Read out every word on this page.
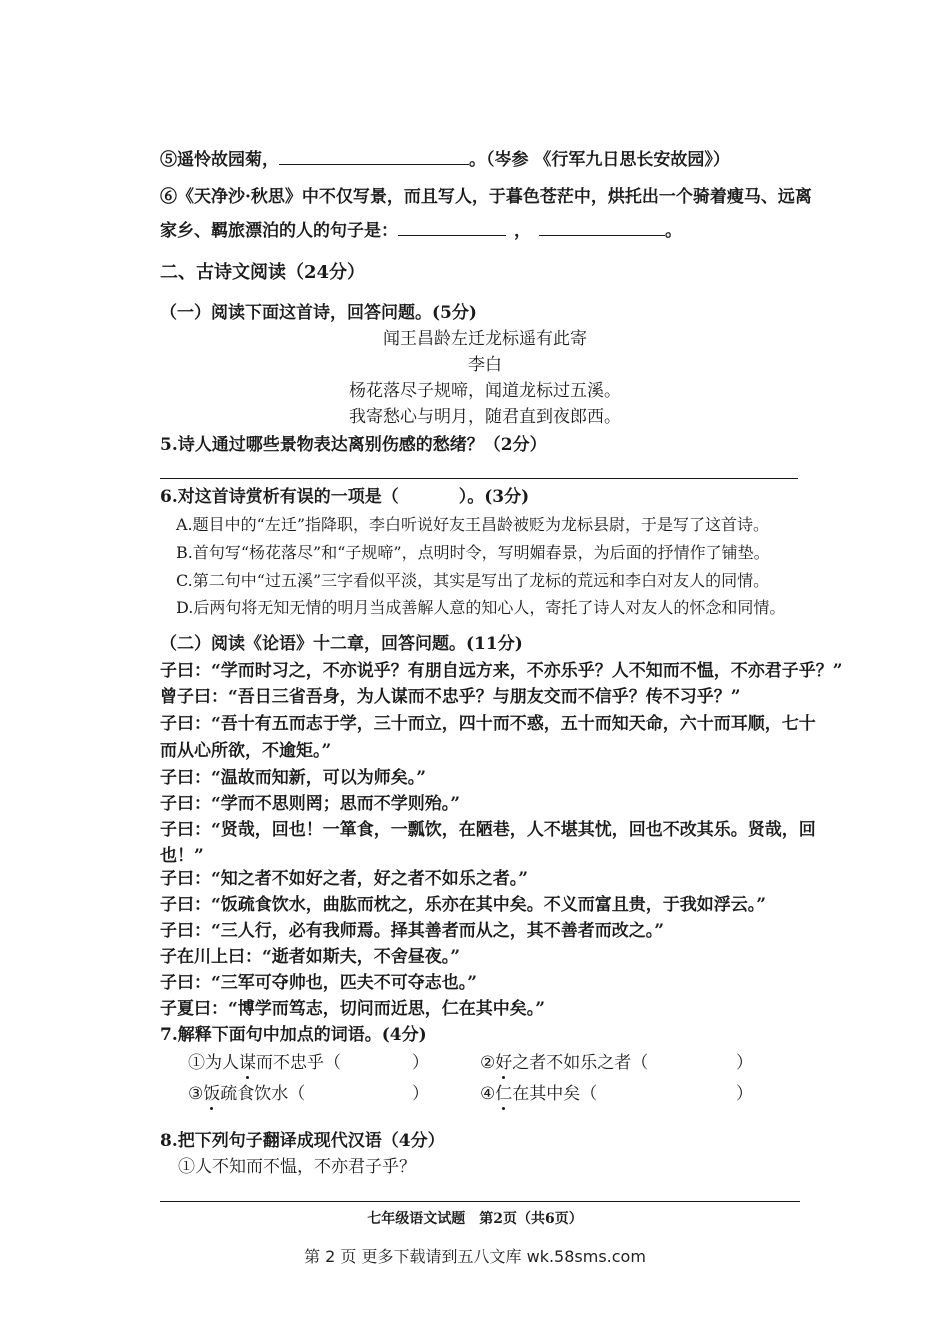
⑤遥怜故园菊，	。（岑参 《行军九日思长安故园》）
⑥《天净沙·秋思》中不仅写景，而且写人，于暮色苍茫中，烘托出一个骑着瘦马、远离
家乡、羁旅漂泊的人的句子是：	，	。
二、古诗文阅读（24分）
（一）阅读下面这首诗，回答问题。(5分)
闻王昌龄左迁龙标遥有此寄
李白
杨花落尽子规啼，闻道龙标过五溪。
我寄愁心与明月，随君直到夜郎西。
5.诗人通过哪些景物表达离别伤感的愁绪？（2分）
6.对这首诗赏析有误的一项是（	）。(3分)
A.题目中的“左迁”指降职，李白听说好友王昌龄被贬为龙标县尉，于是写了这首诗。
B.首句写“杨花落尽”和“子规啼”，点明时令，写明媚春景，为后面的抒情作了铺垫。
C.第二句中“过五溪”三字看似平淡，其实是写出了龙标的荒远和李白对友人的同情。
D.后两句将无知无情的明月当成善解人意的知心人，寄托了诗人对友人的怀念和同情。
（二）阅读《论语》十二章，回答问题。(11分)
子曰：“学而时习之，不亦说乎？有朋自远方来，不亦乐乎？人不知而不愠，不亦君子乎？”
曾子曰：“吾日三省吾身，为人谋而不忠乎？与朋友交而不信乎？传不习乎？”
子曰：“吾十有五而志于学，三十而立，四十而不惑，五十而知天命，六十而耳顺，七十
而从心所欲，不逾矩。”
子曰：“温故而知新，可以为师矣。”
子曰：“学而不思则罔；思而不学则殆。”
子曰：“贤哉，回也！一箪食，一瓢饮，在陋巷，人不堪其忧，回也不改其乐。贤哉，回
也！”
子曰：“知之者不如好之者，好之者不如乐之者。”
子曰：“饭疏食饮水，曲肱而枕之，乐亦在其中矣。不义而富且贵，于我如浮云。”
子曰：“三人行，必有我师焉。择其善者而从之，其不善者而改之。”
子在川上曰：“逝者如斯夫，不舍昼夜。”
子曰：“三军可夺帅也，匹夫不可夺志也。”
子夏曰：“博学而笃志，切问而近思，仁在其中矣。”
7.解释下面句中加点的词语。(4分)
①为人谋而不忠乎（	）	②好之者不如乐之者（	）
③饭疏食饮水（	）	④仁在其中矣（	）
8.把下列句子翻译成现代汉语（4分）
①人不知而不愠，不亦君子乎？
七年级语文试题　第2页（共6页）
第 2 页 更多下载请到五八文库 wk.58sms.com
